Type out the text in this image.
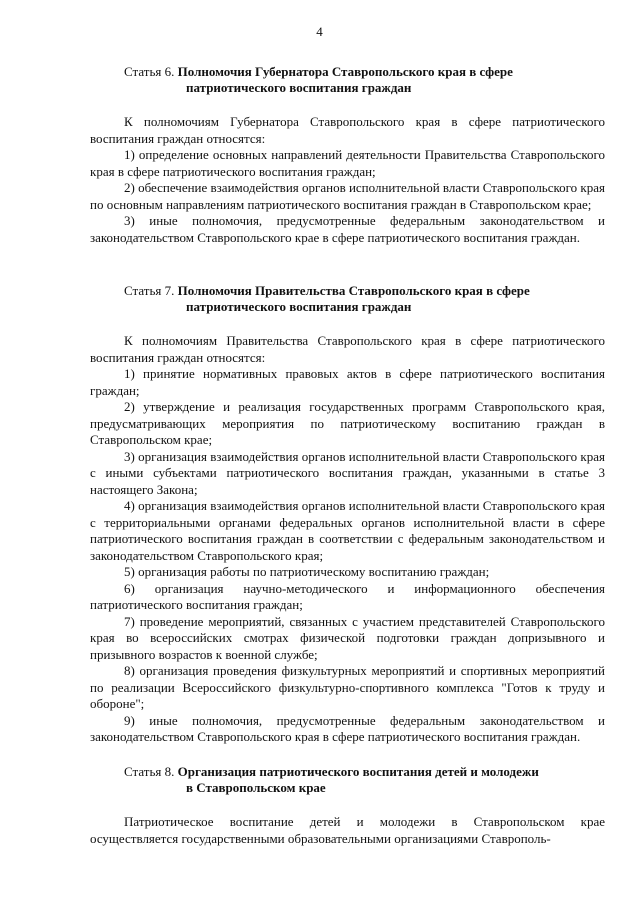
4
Статья 6. Полномочия Губернатора Ставропольского края в сфере
патриотического воспитания граждан

К полномочиям Губернатора Ставропольского края в сфере патриотического воспитания граждан относятся:

1) определение основных направлений деятельности Правительства Ставропольского края в сфере патриотического воспитания граждан;

2) обеспечение взаимодействия органов исполнительной власти Ставропольского края по основным направлениям патриотического воспитания граждан в Ставропольском крае;

3) иные полномочия, предусмотренные федеральным законодательством и законодательством Ставропольского крае в сфере патриотического воспитания граждан.

Статья 7. Полномочия Правительства Ставропольского края в сфере
патриотического воспитания граждан

К полномочиям Правительства Ставропольского края в сфере патриотического воспитания граждан относятся:

1) принятие нормативных правовых актов в сфере патриотического воспитания граждан;

2) утверждение и реализация государственных программ Ставропольского края, предусматривающих мероприятия по патриотическому воспитанию граждан в Ставропольском крае;

3) организация взаимодействия органов исполнительной власти Ставропольского края с иными субъектами патриотического воспитания граждан, указанными в статье 3 настоящего Закона;

4) организация взаимодействия органов исполнительной власти Ставропольского края с территориальными органами федеральных органов исполнительной власти в сфере патриотического воспитания граждан в соответствии с федеральным законодательством и законодательством Ставропольского края;

5) организация работы по патриотическому воспитанию граждан;

6) организация научно-методического и информационного обеспечения патриотического воспитания граждан;

7) проведение мероприятий, связанных с участием представителей Ставропольского края во всероссийских смотрах физической подготовки граждан допризывного и призывного возрастов к военной службе;

8) организация проведения физкультурных мероприятий и спортивных мероприятий по реализации Всероссийского физкультурно-спортивного комплекса "Готов к труду и обороне";

9) иные полномочия, предусмотренные федеральным законодательством и законодательством Ставропольского края в сфере патриотического воспитания граждан.

Статья 8. Организация патриотического воспитания детей и молодежи
в Ставропольском крае

Патриотическое воспитание детей и молодежи в Ставропольском крае осуществляется государственными образовательными организациями Ставрополь-
